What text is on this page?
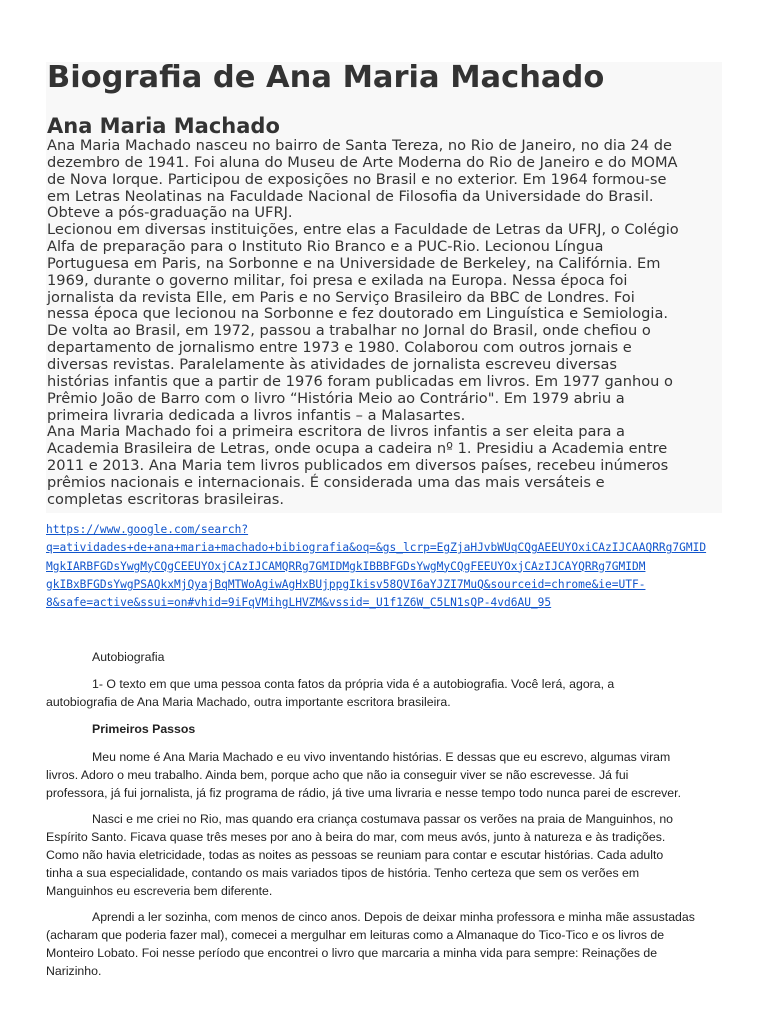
Biografia de Ana Maria Machado
Ana Maria Machado
Ana Maria Machado nasceu no bairro de Santa Tereza, no Rio de Janeiro, no dia 24 de
dezembro de 1941. Foi aluna do Museu de Arte Moderna do Rio de Janeiro e do MOMA
de Nova Iorque. Participou de exposições no Brasil e no exterior. Em 1964 formou-se
em Letras Neolatinas na Faculdade Nacional de Filosofia da Universidade do Brasil.
Obteve a pós-graduação na UFRJ.
Lecionou em diversas instituições, entre elas a Faculdade de Letras da UFRJ, o Colégio
Alfa de preparação para o Instituto Rio Branco e a PUC-Rio. Lecionou Língua
Portuguesa em Paris, na Sorbonne e na Universidade de Berkeley, na Califórnia. Em
1969, durante o governo militar, foi presa e exilada na Europa. Nessa época foi
jornalista da revista Elle, em Paris e no Serviço Brasileiro da BBC de Londres. Foi
nessa época que lecionou na Sorbonne e fez doutorado em Linguística e Semiologia.
De volta ao Brasil, em 1972, passou a trabalhar no Jornal do Brasil, onde chefiou o
departamento de jornalismo entre 1973 e 1980. Colaborou com outros jornais e
diversas revistas. Paralelamente às atividades de jornalista escreveu diversas
histórias infantis que a partir de 1976 foram publicadas em livros. Em 1977 ganhou o
Prêmio João de Barro com o livro “História Meio ao Contrário". Em 1979 abriu a
primeira livraria dedicada a livros infantis – a Malasartes.
Ana Maria Machado foi a primeira escritora de livros infantis a ser eleita para a
Academia Brasileira de Letras, onde ocupa a cadeira nº 1. Presidiu a Academia entre
2011 e 2013. Ana Maria tem livros publicados em diversos países, recebeu inúmeros
prêmios nacionais e internacionais. É considerada uma das mais versáteis e
completas escritoras brasileiras.
https://www.google.com/search?
q=atividades+de+ana+maria+machado+bibiografia&oq=&gs_lcrp=EgZjaHJvbWUqCQgAEEUYOxiCAzIJCAAQRRg7GMID
MgkIARBFGDsYwgMyCQgCEEUYOxjCAzIJCAMQRRg7GMIDMgkIBBBFGDsYwgMyCQgFEEUYOxjCAzIJCAYQRRg7GMIDM
gkIBxBFGDsYwgPSAQkxMjQyajBqMTWoAgiwAgHxBUjppgIkisv58QVI6aYJZI7MuQ&sourceid=chrome&ie=UTF-
8&safe=active&ssui=on#vhid=9iFqVMihgLHVZM&vssid=_U1f1Z6W_C5LN1sQP-4vd6AU_95
Autobiografia
1- O texto em que uma pessoa conta fatos da própria vida é a autobiografia. Você lerá, agora, a
autobiografia de Ana Maria Machado, outra importante escritora brasileira.
Primeiros Passos
Meu nome é Ana Maria Machado e eu vivo inventando histórias. E dessas que eu escrevo, algumas viram
livros. Adoro o meu trabalho. Ainda bem, porque acho que não ia conseguir viver se não escrevesse. Já fui
professora, já fui jornalista, já fiz programa de rádio, já tive uma livraria e nesse tempo todo nunca parei de escrever.
Nasci e me criei no Rio, mas quando era criança costumava passar os verões na praia de Manguinhos, no
Espírito Santo. Ficava quase três meses por ano à beira do mar, com meus avós, junto à natureza e às tradições.
Como não havia eletricidade, todas as noites as pessoas se reuniam para contar e escutar histórias. Cada adulto
tinha a sua especialidade, contando os mais variados tipos de história. Tenho certeza que sem os verões em
Manguinhos eu escreveria bem diferente.
Aprendi a ler sozinha, com menos de cinco anos. Depois de deixar minha professora e minha mãe assustadas
(acharam que poderia fazer mal), comecei a mergulhar em leituras como a Almanaque do Tico-Tico e os livros de
Monteiro Lobato. Foi nesse período que encontrei o livro que marcaria a minha vida para sempre: Reinações de
Narizinho.
